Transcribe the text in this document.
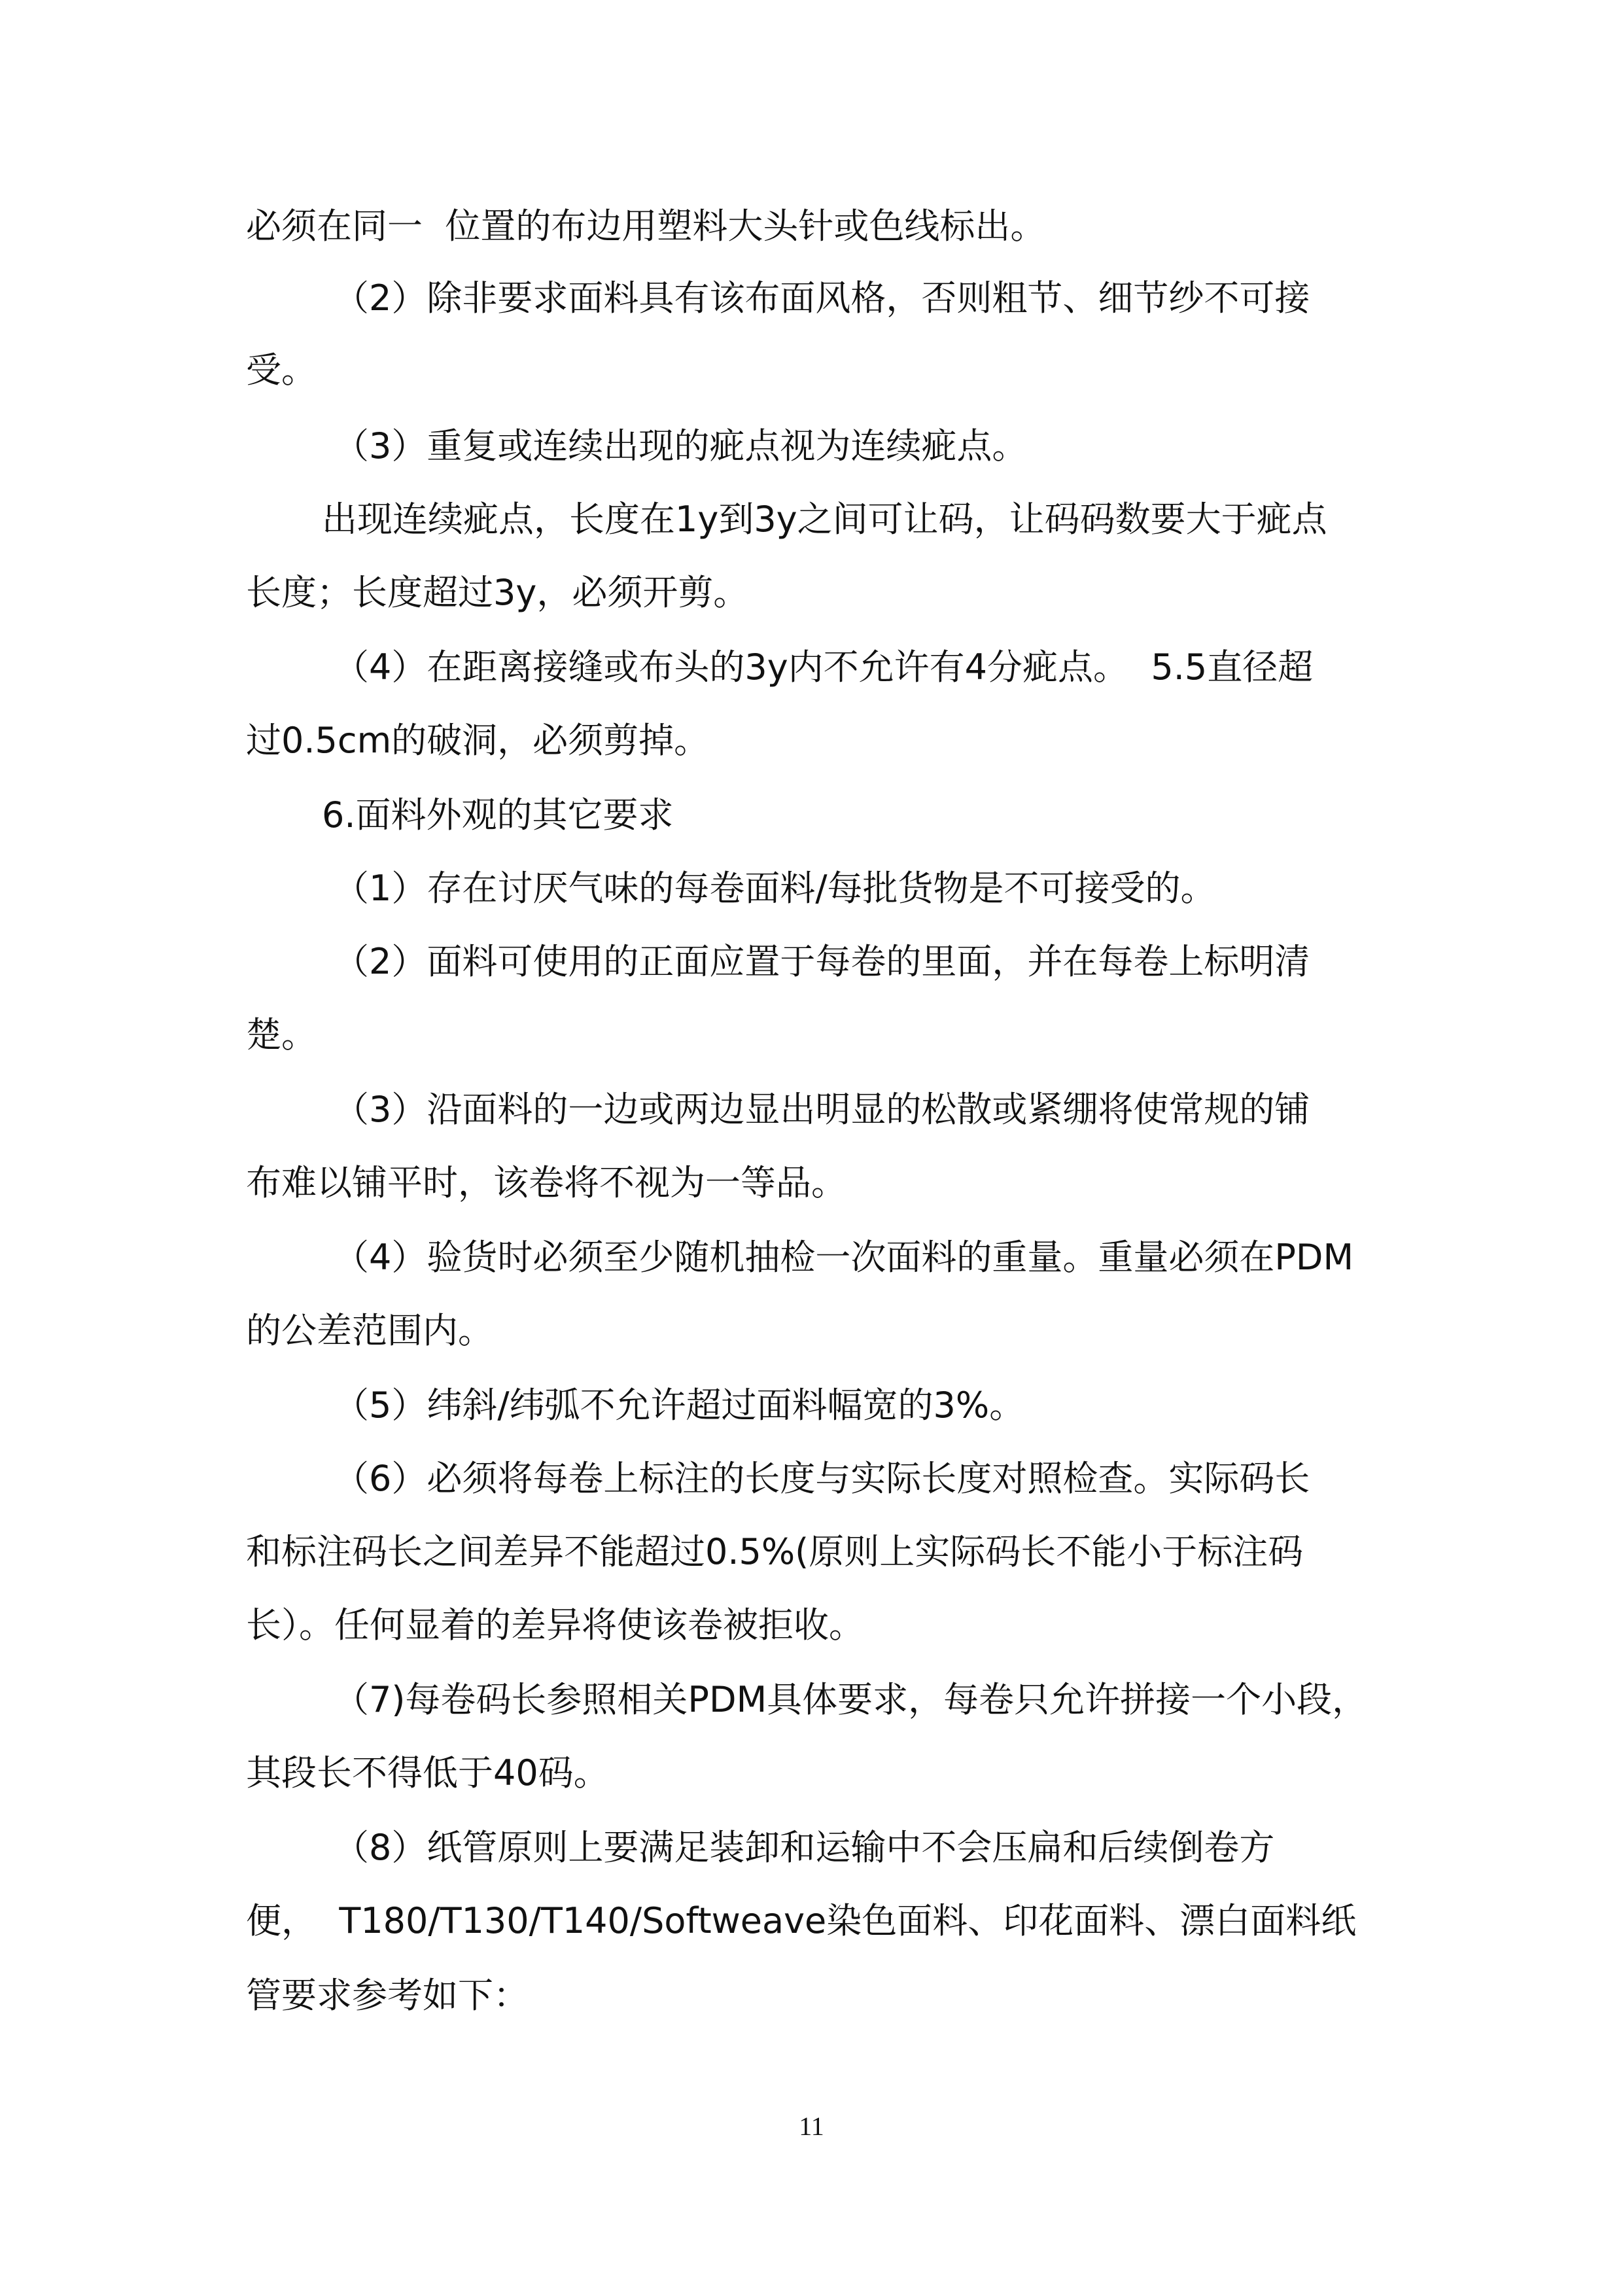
必须在同一  位置的布边用塑料大头针或色线标出。
（2）除非要求面料具有该布面风格，否则粗节、细节纱不可接
受。
（3）重复或连续出现的疵点视为连续疵点。
出现连续疵点，长度在1y到3y之间可让码，让码码数要大于疵点
长度；长度超过3y，必须开剪。
（4）在距离接缝或布头的3y内不允许有4分疵点。  5.5直径超
过0.5cm的破洞，必须剪掉。
6.面料外观的其它要求
（1）存在讨厌气味的每卷面料/每批货物是不可接受的。
（2）面料可使用的正面应置于每卷的里面，并在每卷上标明清
楚。
（3）沿面料的一边或两边显出明显的松散或紧绷将使常规的铺
布难以铺平时，该卷将不视为一等品。
（4）验货时必须至少随机抽检一次面料的重量。重量必须在PDM
的公差范围内。
（5）纬斜/纬弧不允许超过面料幅宽的3%。
（6）必须将每卷上标注的长度与实际长度对照检查。实际码长
和标注码长之间差异不能超过0.5%(原则上实际码长不能小于标注码
长）。任何显着的差异将使该卷被拒收。
（7)每卷码长参照相关PDM具体要求，每卷只允许拼接一个小段，
其段长不得低于40码。
（8）纸管原则上要满足装卸和运输中不会压扁和后续倒卷方
便，  T180/T130/T140/Softweave染色面料、印花面料、漂白面料纸
管要求参考如下：
11
